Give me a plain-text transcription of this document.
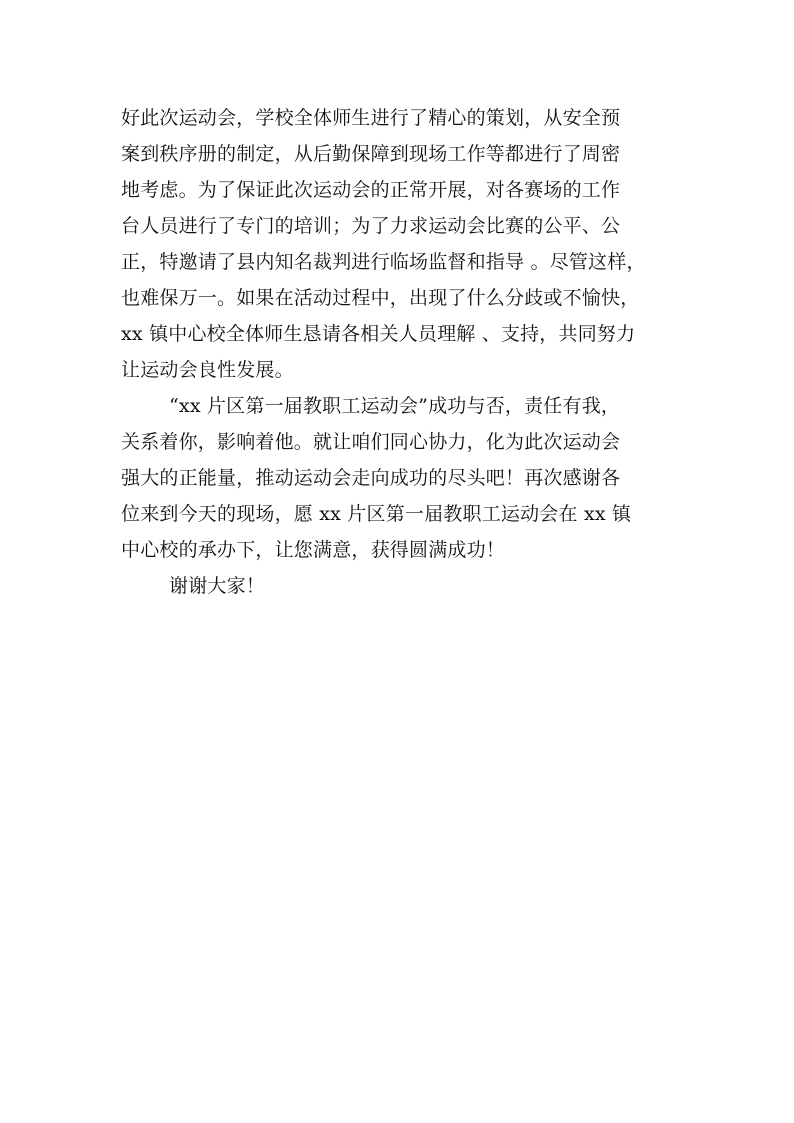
好此次运动会，学校全体师生进行了精心的策划，从安全预
案到秩序册的制定，从后勤保障到现场工作等都进行了周密
地考虑。为了保证此次运动会的正常开展，对各赛场的工作
台人员进行了专门的培训；为了力求运动会比赛的公平、公
正，特邀请了县内知名裁判进行临场监督和指导 。尽管这样，
也难保万一。如果在活动过程中，出现了什么分歧或不愉快，
xx 镇中心校全体师生恳请各相关人员理解 、支持，共同努力
让运动会良性发展。
“xx 片区第一届教职工运动会”成功与否，责任有我，
关系着你，影响着他。就让咱们同心协力，化为此次运动会
强大的正能量，推动运动会走向成功的尽头吧！再次感谢各
位来到今天的现场，愿 xx 片区第一届教职工运动会在 xx 镇
中心校的承办下，让您满意，获得圆满成功！
谢谢大家！
